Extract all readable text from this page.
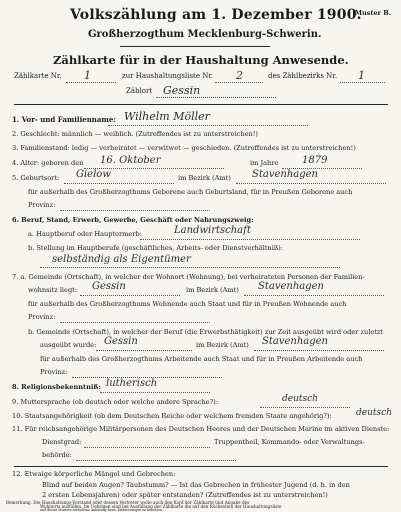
Volkszählung am 1. Dezember 1900.
Muster B.
Großherzogthum Mecklenburg-Schwerin.
Zählkarte für in der Haushaltung Anwesende.
Zählkarte Nr. 1	zur Haushaltungsliste Nr. 2	des Zählbezirks Nr. 1
Zählort Gessin
1. Vor- und Familienname: Wilhelm Möller
2. Geschlecht: männlich — weiblich. (Zutreffendes ist zu unterstreichen!)
3. Familienstand: ledig — verheiratet — verwitwet — geschieden. (Zutreffendes ist zu unterstreichen!)
4. Alter: geboren den 16. Oktober	im Jahre 1879
5. Geburtsort: Gielow	im Bezirk (Amt) Stavenhagen
für außerhalb des Großherzogthums Geborene auch Geburtsland, für in Preußen Geborene auch
Provinz:
6. Beruf, Stand, Erwerb, Gewerbe, Geschäft oder Nahrungszweig:
a. Hauptberuf oder Hauptermerb:	Landwirtschaft
b. Stellung im Hauptberufe (geschäftliches, Arbeits- oder Dienstverhältniß):
selbständig als Eigentümer
7. a. Gemeinde (Ortschaft), in welcher der Wohnort (Wohnung), bei verheirateten Personen der Familien-
wohnsitz liegt: Gessin	im Bezirk (Amt) Stavenhagen
für außerhalb des Großherzogthums Wohnende auch Staat und für in Preußen Wohnende auch
Provinz:
b. Gemeinde (Ortschaft), in welcher der Beruf (die Erwerbsthätigkeit) zur Zeit ausgeübt wird oder zuletzt
ausgeübt wurde: Gessin	im Bezirk (Amt) Stavenhagen
für außerhalb des Großherzogthums Arbeitende auch Staat und für in Preußen Arbeitende auch
Provinz:
8. Religionsbekenntniß: lutherisch
9. Muttersprache (ob deutsch oder welche andere Sprache?):	deutsch
10. Staatsangehörigkeit (ob dem Deutschen Reiche oder welchem fremden Staate angehörig?):	deutsch
11. Für reichsangehörige Militärpersonen des Deutschen Heeres und der Deutschen Marine im aktiven Dienste:
Dienstgrad:	Truppentheil, Kommando- oder Verwaltungs-
behörde:
12. Etwaige körperliche Mängel und Gebrechen:
Blind auf beiden Augen? Taubstumm? — Ist das Gebrechen in frühester Jugend (d. h. in den
2 ersten Lebensjahren) oder später entstanden? (Zutreffendes ist zu unterstreichen!)
Bemerkung. Die Haushaltungs-Vorstand oder dessen Vertreter wolle auch den Kopf der Zählkarte und Angabe des
Wohnorts ausfüllen. Im Uebrigen sind bei Ausfüllung der Zählkarte die auf den Rückseiten der Haushaltungsliste
und dieses Musters enthaltene Anleitung bezw. Erläuterungen zu beachten.
